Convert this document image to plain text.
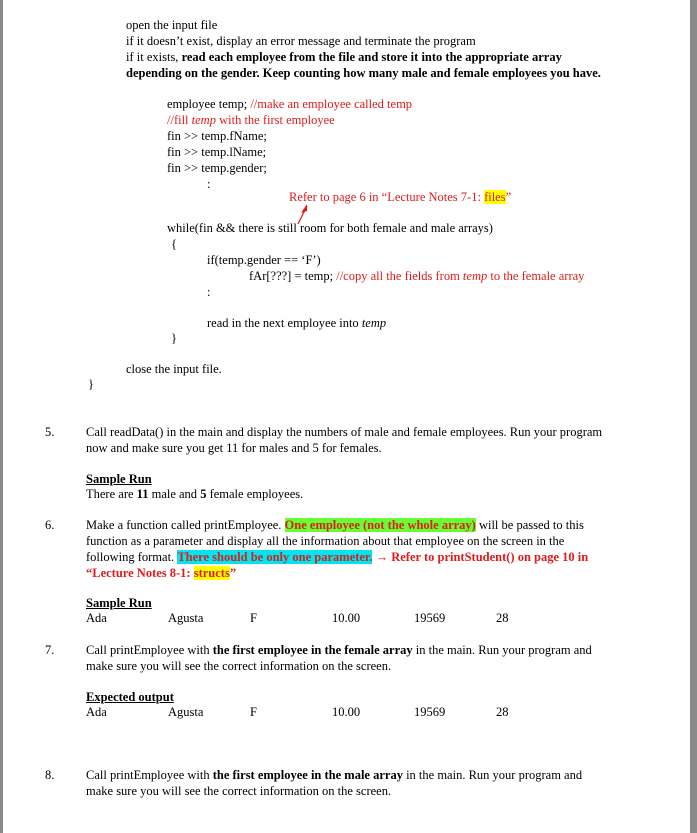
open the input file
if it doesn’t exist, display an error message and terminate the program
if it exists, read each employee from the file and store it into the appropriate array
depending on the gender. Keep counting how many male and female employees you have.
employee temp; //make an employee called temp
//fill temp with the first employee
fin >> temp.fName;
fin >> temp.lName;
fin >> temp.gender;
:
Refer to page 6 in “Lecture Notes 7-1: files”
while(fin && there is still room for both female and male arrays)
{
if(temp.gender == ‘F’)
fAr[???] = temp; //copy all the fields from temp to the female array
:
read in the next employee into temp
}
close the input file.
}
5.	Call readData() in the main and display the numbers of male and female employees. Run your program
now and make sure you get 11 for males and 5 for females.
Sample Run
There are 11 male and 5 female employees.
6.	Make a function called printEmployee. One employee (not the whole array) will be passed to this
function as a parameter and display all the information about that employee on the screen in the
following format. There should be only one parameter. → Refer to printStudent() on page 10 in
“Lecture Notes 8-1: structs”
Sample Run
Ada	Agusta	F	10.00	19569	28
7.	Call printEmployee with the first employee in the female array in the main. Run your program and
make sure you will see the correct information on the screen.
Expected output
Ada	Agusta	F	10.00	19569	28
8.	Call printEmployee with the first employee in the male array in the main. Run your program and
make sure you will see the correct information on the screen.
